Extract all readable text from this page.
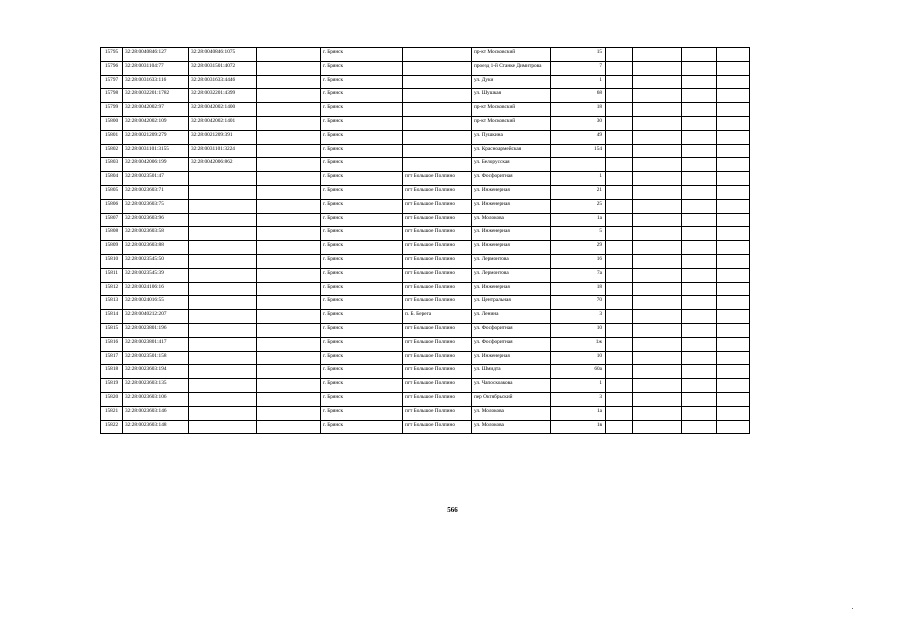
15795	32:28:0040846:127	32:28:0040846:1075		г. Брянск		пр-кт Московский	15				
15796	32:28:0031104:77	32:28:0031501:4072		г. Брянск		проезд 1-й Станке Димитрова	7				
15797	32:28:0031633:116	32:28:0031633:4446		г. Брянск		ул. Дуки	1				
15798	32:28:0032201:1782	32:28:0032201:4399		г. Брянск		ул. Шушкая	68				
15799	32:28:0042002:97	32:28:0042002:1400		г. Брянск		пр-кт Московский	18				
15800	32:28:0042002:109	32:28:0042002:1401		г. Брянск		пр-кт Московский	30				
15801	32:28:0021209:279	32:28:0021209:391		г. Брянск		ул. Пушкина	49				
15802	32:28:0031101:3155	32:28:0031101:3224		г. Брянск		ул. Красноармейская	154				
15803	32:28:0042006:199	32:28:0042006:862		г. Брянск		ул. Белорусская					
15804	32:28:0023501:47			г. Брянск	пгт Большое Полпино	ул. Фосфоритная	1				
15805	32:28:0023603:71			г. Брянск	пгт Большое Полпино	ул. Инженерная	21				
15806	32:28:0023603:75			г. Брянск	пгт Большое Полпино	ул. Инженерная	25				
15807	32:28:0023603:96			г. Брянск	пгт Большое Полпино	ул. Молокова	1а				
15808	32:28:0023603:58			г. Брянск	пгт Большое Полпино	ул. Инженерная	5				
15809	32:28:0023603:88			г. Брянск	пгт Большое Полпино	ул. Инженерная	29				
15810	32:28:0023545:50			г. Брянск	пгт Большое Полпино	ул. Лермонтова	16				
15811	32:28:0023545:39			г. Брянск	пгт Большое Полпино	ул. Лермонтова	7а				
15812	32:28:0024106:16			г. Брянск	пгт Большое Полпино	ул. Инженерная	18				
15813	32:28:0024016:55			г. Брянск	пгт Большое Полпино	ул. Центральная	70				
15814	32:28:0040212:207			г. Брянск	п. Б. Берега	ул. Ленина	3				
15815	32:28:0023801:196			г. Брянск	пгт Большое Полпино	ул. Фосфоритная	10				
15816	32:28:0023801:417			г. Брянск	пгт Большое Полпино	ул. Фосфоритная	1ж				
15817	32:28:0023501:158			г. Брянск	пгт Большое Полпино	ул. Инженерная	10				
15818	32:28:0023603:194			г. Брянск	пгт Большое Полпино	ул. Шмидта	60а				
15819	32:28:0023603:135			г. Брянск	пгт Большое Полпино	ул. Чапоскоакова	1				
15820	32:28:0023603:106			г. Брянск	пгт Большое Полпино	пер Октябрьский	3				
15821	32:28:0023603:146			г. Брянск	пгт Большое Полпино	ул. Молокова	1а				
15822	32:28:0023603:148			г. Брянск	пгт Большое Полпино	ул. Молокова	1в				
566
